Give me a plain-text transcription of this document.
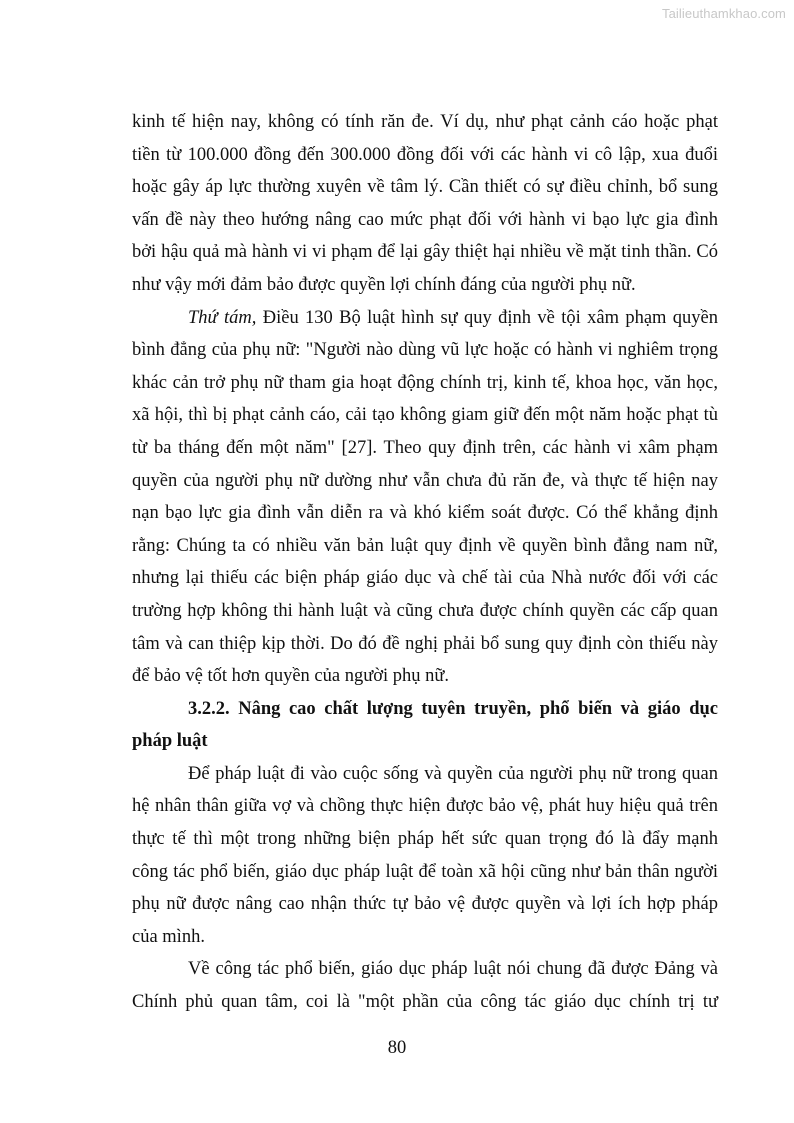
Tailieuthamkhao.com

kinh tế hiện nay, không có tính răn đe. Ví dụ, như phạt cảnh cáo hoặc phạt
tiền từ 100.000 đồng đến 300.000 đồng đối với các hành vi cô lập, xua đuổi
hoặc gây áp lực thường xuyên về tâm lý. Cần thiết có sự điều chỉnh, bổ sung
vấn đề này theo hướng nâng cao mức phạt đối với hành vi bạo lực gia đình
bởi hậu quả mà hành vi vi phạm để lại gây thiệt hại nhiều về mặt tinh thần. Có
như vậy mới đảm bảo được quyền lợi chính đáng của người phụ nữ.

Thứ tám, Điều 130 Bộ luật hình sự quy định về tội xâm phạm quyền
bình đẳng của phụ nữ: "Người nào dùng vũ lực hoặc có hành vi nghiêm trọng
khác cản trở phụ nữ tham gia hoạt động chính trị, kinh tế, khoa học, văn học,
xã hội, thì bị phạt cảnh cáo, cải tạo không giam giữ đến một năm hoặc phạt tù
từ ba tháng đến một năm" [27]. Theo quy định trên, các hành vi xâm phạm
quyền của người phụ nữ dường như vẫn chưa đủ răn đe, và thực tế hiện nay
nạn bạo lực gia đình vẫn diễn ra và khó kiểm soát được. Có thể khẳng định
rằng: Chúng ta có nhiều văn bản luật quy định về quyền bình đẳng nam nữ,
nhưng lại thiếu các biện pháp giáo dục và chế tài của Nhà nước đối với các
trường hợp không thi hành luật và cũng chưa được chính quyền các cấp quan
tâm và can thiệp kịp thời. Do đó đề nghị phải bổ sung quy định còn thiếu này
để bảo vệ tốt hơn quyền của người phụ nữ.

3.2.2. Nâng cao chất lượng tuyên truyền, phổ biến và giáo dục
pháp luật

Để pháp luật đi vào cuộc sống và quyền của người phụ nữ trong quan
hệ nhân thân giữa vợ và chồng thực hiện được bảo vệ, phát huy hiệu quả trên
thực tế thì một trong những biện pháp hết sức quan trọng đó là đẩy mạnh
công tác phổ biến, giáo dục pháp luật để toàn xã hội cũng như bản thân người
phụ nữ được nâng cao nhận thức tự bảo vệ được quyền và lợi ích hợp pháp
của mình.

Về công tác phổ biến, giáo dục pháp luật nói chung đã được Đảng và
Chính phủ quan tâm, coi là "một phần của công tác giáo dục chính trị tư

80
